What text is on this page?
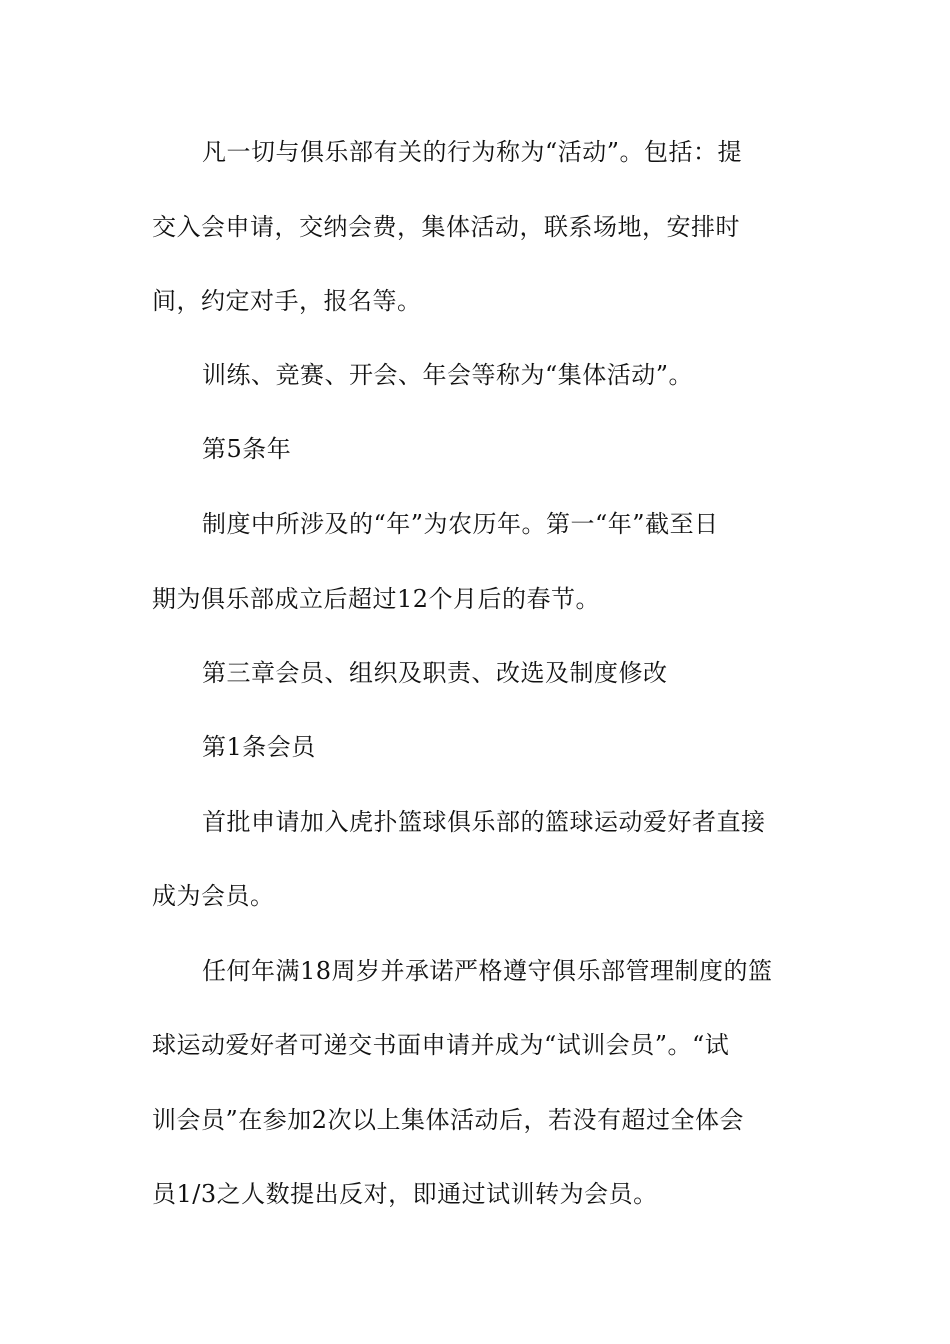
凡一切与俱乐部有关的行为称为“活动”。包括：提

交入会申请，交纳会费，集体活动，联系场地，安排时

间，约定对手，报名等。

训练、竞赛、开会、年会等称为“集体活动”。

第5条年

制度中所涉及的“年”为农历年。第一“年”截至日

期为俱乐部成立后超过12个月后的春节。

第三章会员、组织及职责、改选及制度修改

第1条会员

首批申请加入虎扑篮球俱乐部的篮球运动爱好者直接

成为会员。

任何年满18周岁并承诺严格遵守俱乐部管理制度的篮

球运动爱好者可递交书面申请并成为“试训会员”。“试

训会员”在参加2次以上集体活动后，若没有超过全体会

员1/3之人数提出反对，即通过试训转为会员。
